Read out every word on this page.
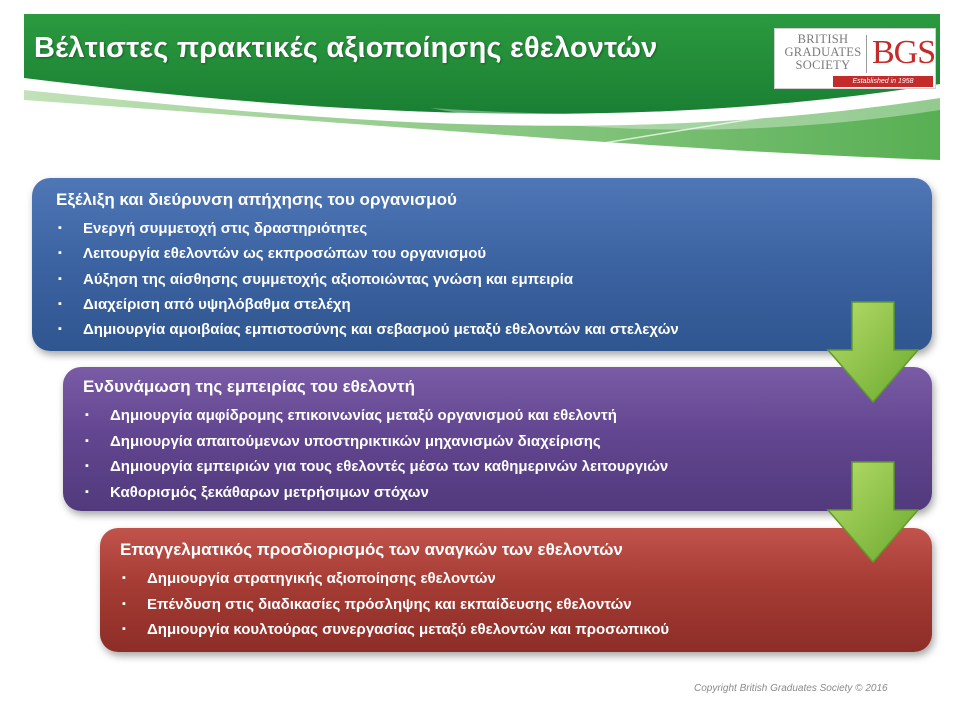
Βέλτιστες πρακτικές αξιοποίησης εθελοντών	BRITISH
GRADUATES
SOCIETY BGS
Established in 1958
Εξέλιξη και διεύρυνση απήχησης του οργανισμού
▪ Ενεργή συμμετοχή στις δραστηριότητες
▪ Λειτουργία εθελοντών ως εκπροσώπων του οργανισμού
▪ Αύξηση της αίσθησης συμμετοχής αξιοποιώντας γνώση και εμπειρία
▪ Διαχείριση από υψηλόβαθμα στελέχη
▪ Δημιουργία αμοιβαίας εμπιστοσύνης και σεβασμού μεταξύ εθελοντών και στελεχών
Ενδυνάμωση της εμπειρίας του εθελοντή
▪ Δημιουργία αμφίδρομης επικοινωνίας μεταξύ οργανισμού και εθελοντή
▪ Δημιουργία απαιτούμενων υποστηρικτικών μηχανισμών διαχείρισης
▪ Δημιουργία εμπειριών για τους εθελοντές μέσω των καθημερινών λειτουργιών
▪ Καθορισμός ξεκάθαρων μετρήσιμων στόχων
Επαγγελματικός προσδιορισμός των αναγκών των εθελοντών
▪ Δημιουργία στρατηγικής αξιοποίησης εθελοντών
▪ Επένδυση στις διαδικασίες πρόσληψης και εκπαίδευσης εθελοντών
▪ Δημιουργία κουλτούρας συνεργασίας μεταξύ εθελοντών και προσωπικού
Copyright British Graduates Society © 2016
